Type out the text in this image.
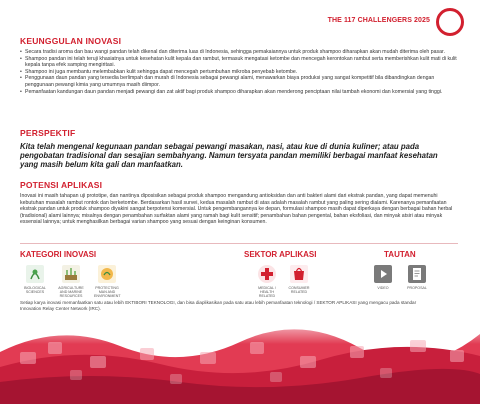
THE 117 CHALLENGERS 2025
KEUNGGULAN INOVASI
• Secara tradisi aroma dan bau wangi pandan telah dikenal dan diterima luas di Indonesia, sehingga pemakaiannya untuk produk shampoo diharapkan akan mudah diterima oleh pasar.
• Shampoo pandan ini telah teruji khasiatnya untuk kesehatan kulit kepala dan rambut, termasuk mengatasi ketombe dan mencegah kerontokan rambut serta memberishkan kulit mati di kulit kepala tanpa efek samping mengiritasi.
• Shampoo ini juga membantu melembabkan kulit sehingga dapat mencegah pertumbuhan mikroba penyebab ketombe.
• Penggunaan daun pandan yang tersedia berlimpah dan murah di Indonesia sebagai pewangi alami, menawarkan biaya produksi yang sangat kompetitif bila dibandingkan dengan penggunaan pewangi kimia yang umumnya masih diimpor.
• Pemanfaatan kandungan daun pandan menjadi pewangi dan zat aktif bagi produk shampoo diharapkan akan menderong penciptaan nilai tambah ekonomi dan komersial yang tinggi.
PERSPEKTIF
Kita telah mengenal kegunaan pandan sebagai pewangi masakan, nasi, atau kue di dunia kuliner; atau pada pengobatan tradisional dan sesajian sembahyang. Namun tersyata pandan memiliki berbagai manfaat kesehatan yang masih belum kita gali dan manfaatkan.
POTENSI APLIKASI
Inovasi ini masih tahapan uji prototipe, dan nantinya diposisikan sebagai produk shampoo mengandung antioksidan dan anti bakteri alami dari ekstrak pandan, yang dapat memenuhi kebutuhan masalah rambut rontok dan berketombe. Berdasarkan hasil survei, kedua masalah rambut di atas adalah masalah rambut yang paling sering dialami. Karenanya pemanfaatan ekstrak pandan untuk produk shampoo diyakini sangat berpotensi komersial. Untuk pengembangannya ke depan, formulasi shampoo masih dapat diperkaya dengan berbagai bahan herbal (tradisional) alami lainnya; misalnya dengan penambahan surfaktan alami yang ramah bagi kulit sensitif; penambahan bahan pengental, bahan eksfoliasi, dan minyak atsiri atau minyak essensial lainnya; untuk menghasilkan berbagai varian shampoo yang sesuai dengan keinginan konsumen.
KATEGORI INOVASI
BIOLOGICAL SCIENCES
AGRICULTURE AND MARINE RESOURCES
PROTECTING MAN AND ENVIRONMENT
SEKTOR APLIKASI
MEDICAL / HEALTH RELATED
CONSUMER RELATED
TAUTAN
VIDEO	PROPOSAL
Setiap karya inovasi memanfaatkan satu atau lebih EKTIBORI TEKNOLOGI, dan bisa diaplikasikan pada satu atau lebih pemanfaatan teknologi / SEKTOR APLIKASI yang mengacu pada standar Innovation Relay Center Network (IRC).
